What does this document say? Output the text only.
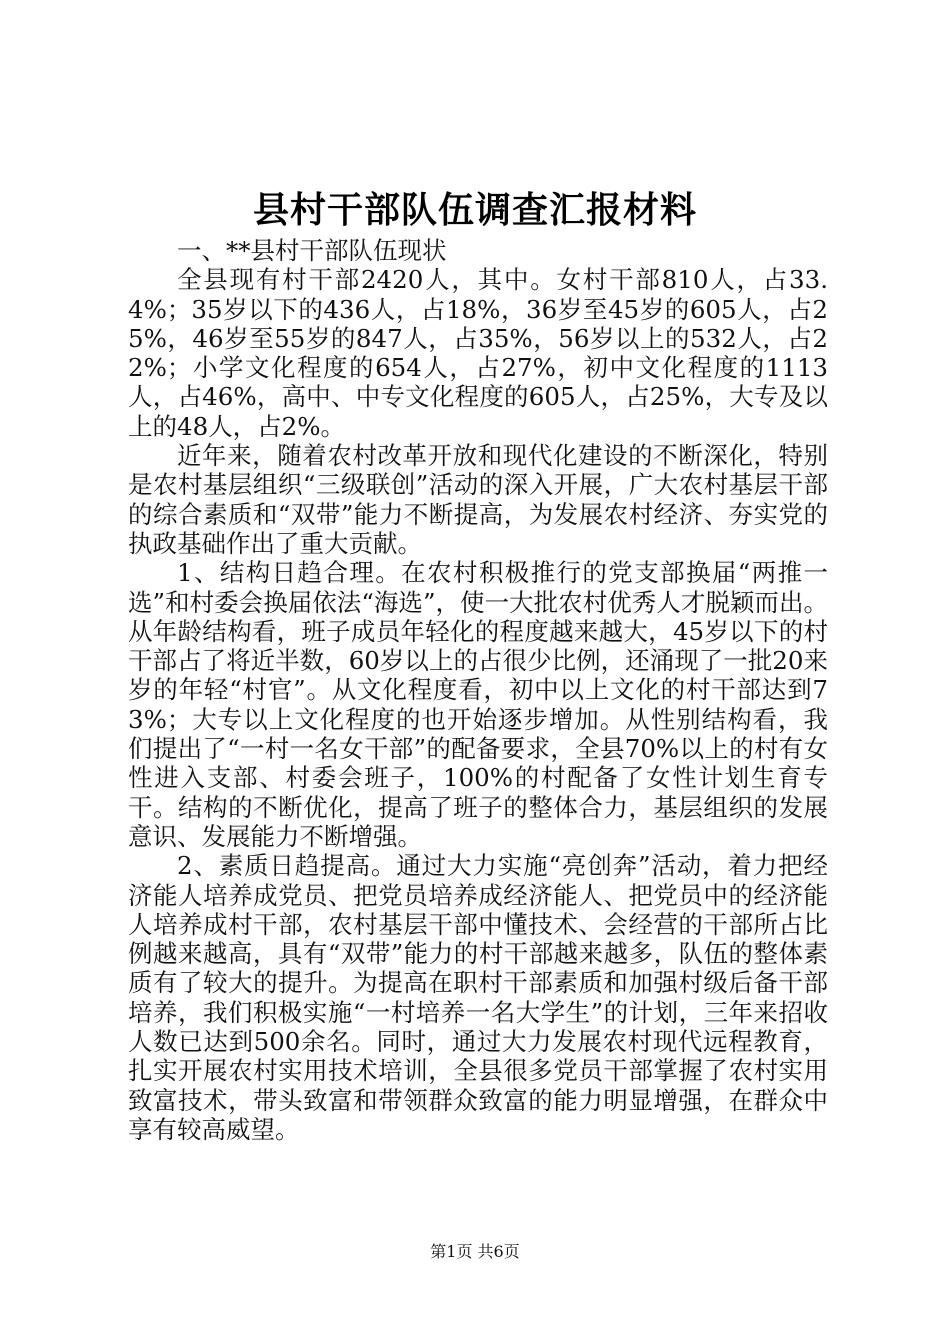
县村干部队伍调查汇报材料

一、**县村干部队伍现状

全县现有村干部2420人，其中。女村干部810人，占33.4%；35岁以下的436人，占18%，36岁至45岁的605人，占25%，46岁至55岁的847人，占35%，56岁以上的532人，占22%；小学文化程度的654人，占27%，初中文化程度的1113人，占46%，高中、中专文化程度的605人，占25%，大专及以上的48人，占2%。

近年来，随着农村改革开放和现代化建设的不断深化，特别是农村基层组织“三级联创”活动的深入开展，广大农村基层干部的综合素质和“双带”能力不断提高，为发展农村经济、夯实党的执政基础作出了重大贡献。

1、结构日趋合理。在农村积极推行的党支部换届“两推一选”和村委会换届依法“海选”，使一大批农村优秀人才脱颖而出。从年龄结构看，班子成员年轻化的程度越来越大，45岁以下的村干部占了将近半数，60岁以上的占很少比例，还涌现了一批20来岁的年轻“村官”。从文化程度看，初中以上文化的村干部达到73%；大专以上文化程度的也开始逐步增加。从性别结构看，我们提出了“一村一名女干部”的配备要求，全县70%以上的村有女性进入支部、村委会班子，100%的村配备了女性计划生育专干。结构的不断优化，提高了班子的整体合力，基层组织的发展意识、发展能力不断增强。

2、素质日趋提高。通过大力实施“亮创奔”活动，着力把经济能人培养成党员、把党员培养成经济能人、把党员中的经济能人培养成村干部，农村基层干部中懂技术、会经营的干部所占比例越来越高，具有“双带”能力的村干部越来越多，队伍的整体素质有了较大的提升。为提高在职村干部素质和加强村级后备干部培养，我们积极实施“一村培养一名大学生”的计划，三年来招收人数已达到500余名。同时，通过大力发展农村现代远程教育，扎实开展农村实用技术培训，全县很多党员干部掌握了农村实用致富技术，带头致富和带领群众致富的能力明显增强，在群众中享有较高威望。

第1页 共6页
